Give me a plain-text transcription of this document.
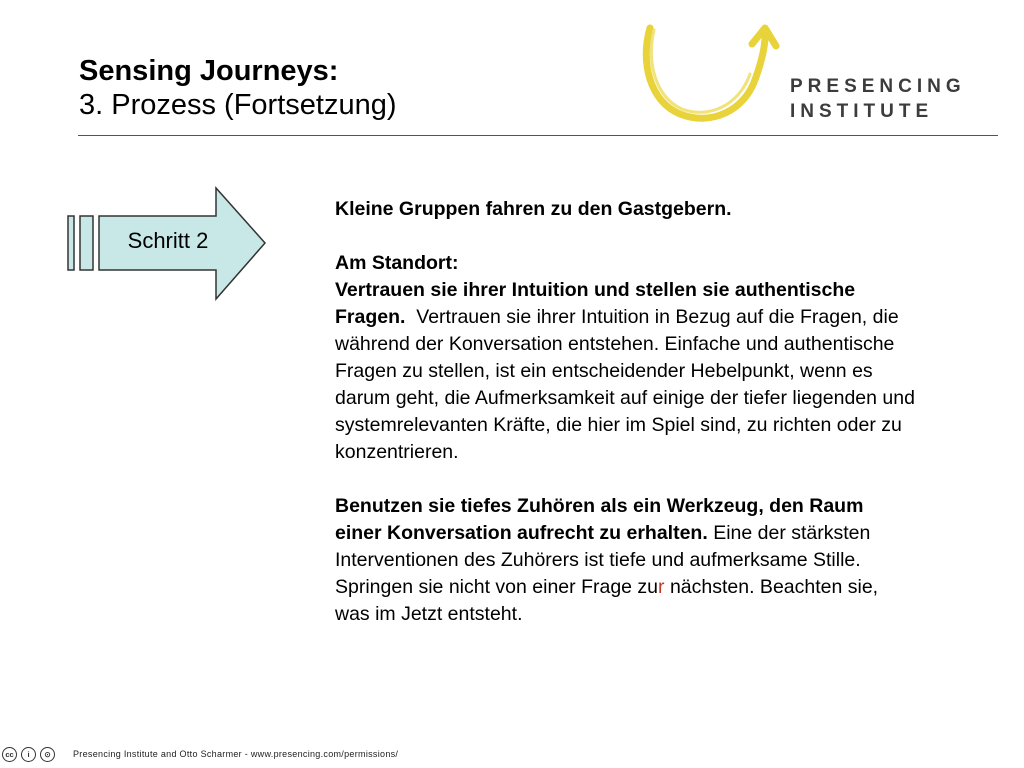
Sensing Journeys:
3. Prozess (Fortsetzung)
PRESENCING
INSTITUTE
Schritt 2

Kleine Gruppen fahren zu den Gastgebern.

Am Standort:

Vertrauen sie ihrer Intuition und stellen sie authentische Fragen. Vertrauen sie ihrer Intuition in Bezug auf die Fragen, die während der Konversation entstehen. Einfache und authentische Fragen zu stellen, ist ein entscheidender Hebelpunkt, wenn es darum geht, die Aufmerksamkeit auf einige der tiefer liegenden und systemrelevanten Kräfte, die hier im Spiel sind, zu richten oder zu konzentrieren.

Benutzen sie tiefes Zuhören als ein Werkzeug, den Raum einer Konversation aufrecht zu erhalten. Eine der stärksten Interventionen des Zuhörers ist tiefe und aufmerksame Stille. Springen sie nicht von einer Frage zur nächsten. Beachten sie, was im Jetzt entsteht.

cc	i	⊙	Presencing Institute and Otto Scharmer - www.presencing.com/permissions/
